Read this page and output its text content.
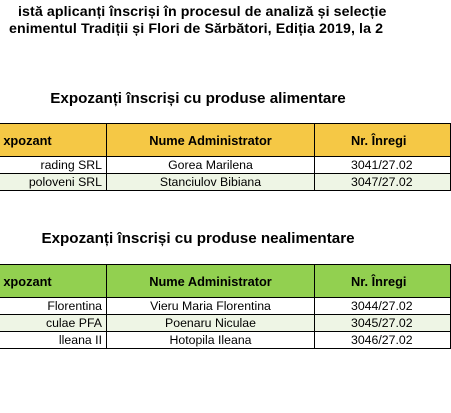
istă aplicanți înscriși în procesul de analiză și selecție
enimentul Tradiții și Flori de Sărbători, Ediția 2019, la 2
Expozanți înscriși cu produse alimentare
xpozant	Nume Administrator	Nr. Înregi
rading SRL	Gorea Marilena	3041/27.02
poloveni SRL	Stanciulov Bibiana	3047/27.02
Expozanți înscriși cu produse nealimentare
xpozant	Nume Administrator	Nr. Înregi
Florentina	Vieru Maria Florentina	3044/27.02
culae PFA	Poenaru Niculae	3045/27.02
lleana II	Hotopila Ileana	3046/27.02
